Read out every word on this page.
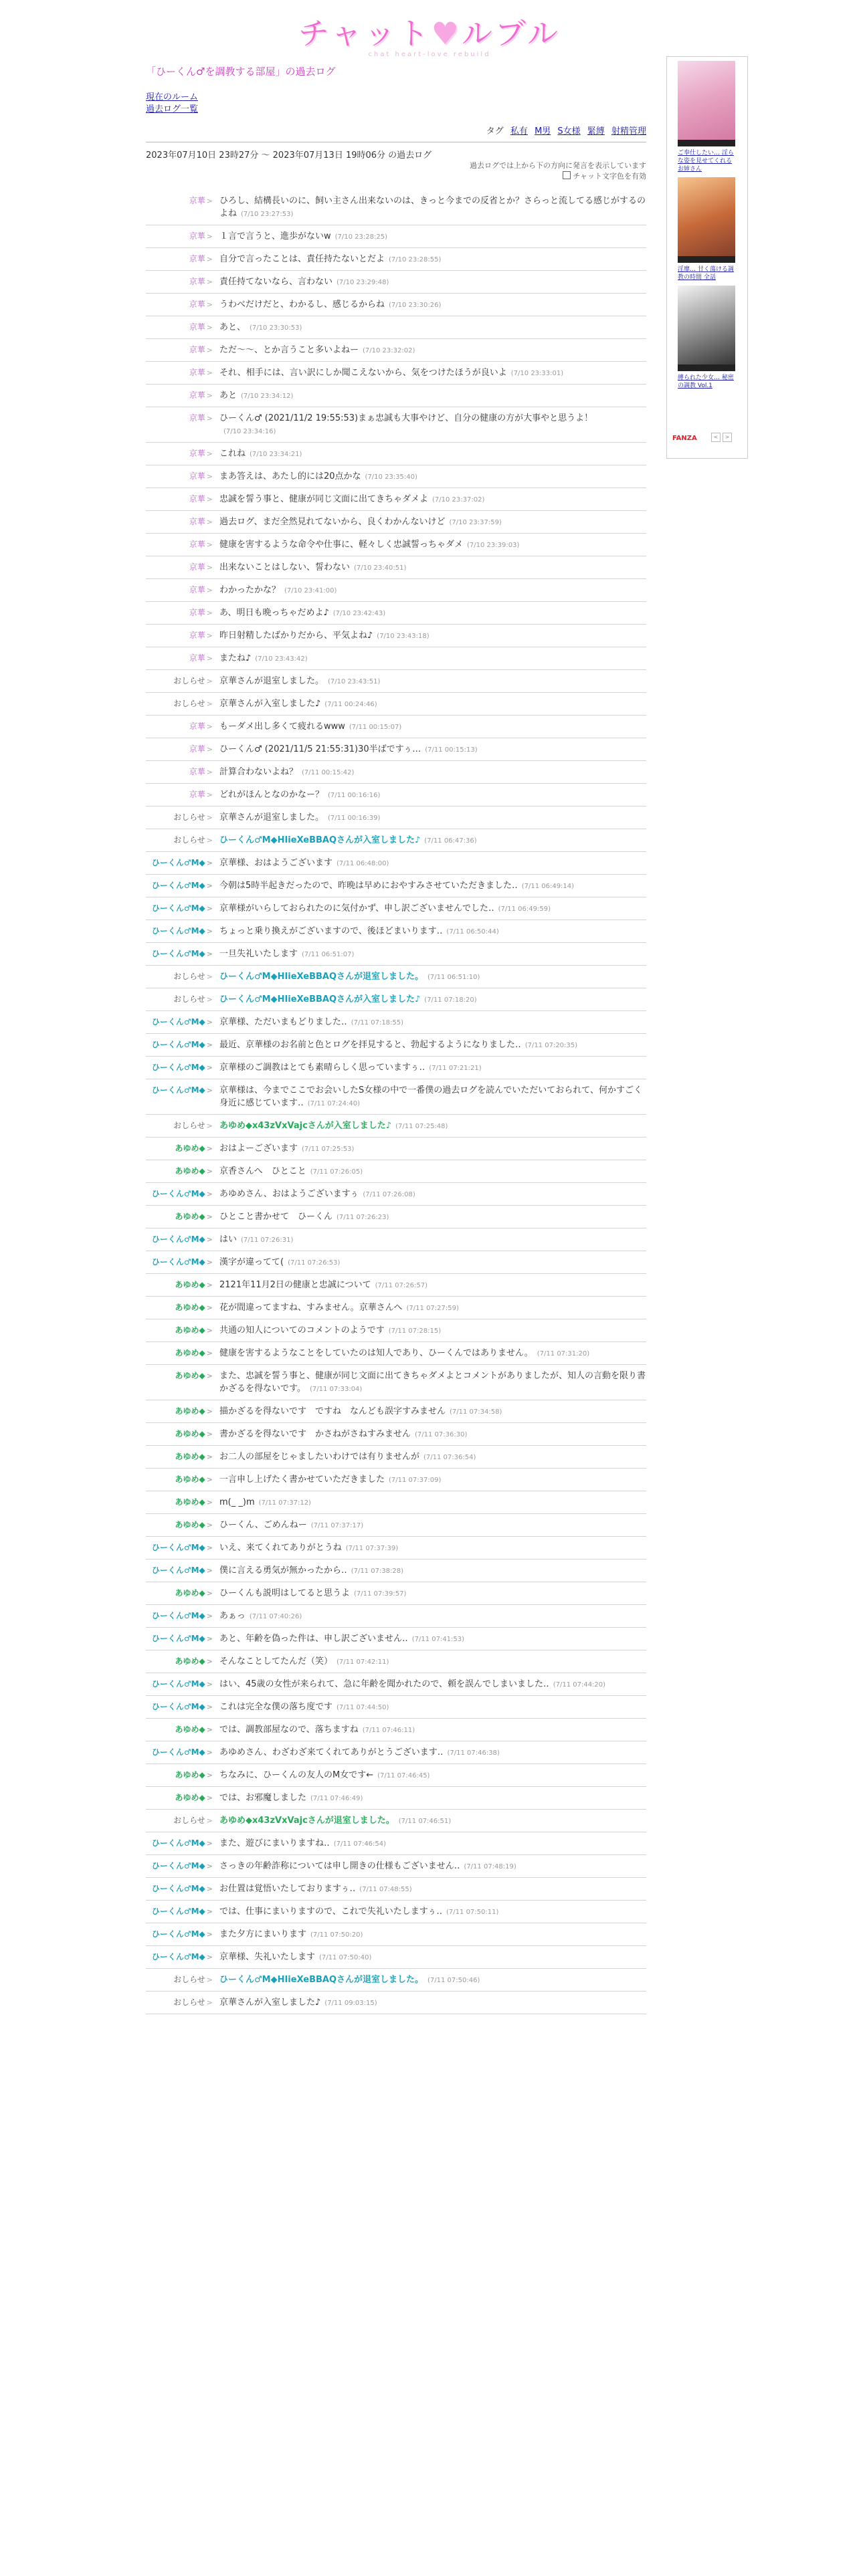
チャット♥ルブル
chat heart-love rebuild
「ひーくん♂を調教する部屋」の過去ログ
現在のルーム
過去ログ一覧
タグ 私有 M男 S女様 緊縛 射精管理
2023年07月10日 23時27分 〜 2023年07月13日 19時06分 の過去ログ
過去ログでは上から下の方向に発言を表示しています
チャット文字色を有効
京華 > ひろし、結構長いのに、飼い主さん出来ないのは、きっと今までの反省とか？さらっと流してる感じがするのよね (7/10 23:27:53)
京華 > １言で言うと、進歩がないw (7/10 23:28:25)
京華 > 自分で言ったことは、責任持たないとだよ (7/10 23:28:55)
京華 > 責任持てないなら、言わない (7/10 23:29:48)
京華 > うわべだけだと、わかるし、感じるからね (7/10 23:30:26)
京華 > あと、 (7/10 23:30:53)
京華 > ただ〜〜、とか言うこと多いよねー (7/10 23:32:02)
京華 > それ、相手には、言い訳にしか聞こえないから、気をつけたほうが良いよ (7/10 23:33:01)
京華 > あと (7/10 23:34:12)
京華 > ひーくん♂ (2021/11/2 19:55:53)まぁ忠誠も大事やけど、自分の健康の方が大事やと思うよ！(7/10 23:34:16)
京華 > これね (7/10 23:34:21)
京華 > まあ答えは、あたし的には20点かな (7/10 23:35:40)
京華 > 忠誠を誓う事と、健康が同じ文面に出てきちゃダメよ (7/10 23:37:02)
京華 > 過去ログ、まだ全然見れてないから、良くわかんないけど (7/10 23:37:59)
京華 > 健康を害するような命令や仕事に、軽々しく忠誠誓っちゃダメ (7/10 23:39:03)
京華 > 出来ないことはしない、誓わない (7/10 23:40:51)
京華 > わかったかな？ (7/10 23:41:00)
京華 > あ、明日も晩っちゃだめよ♪ (7/10 23:42:43)
京華 > 昨日射精したばかりだから、平気よね♪ (7/10 23:43:18)
京華 > またね♪ (7/10 23:43:42)
おしらせ > 京華さんが退室しました。 (7/10 23:43:51)
おしらせ > 京華さんが入室しました♪ (7/11 00:24:46)
京華 > もーダメ出し多くて疲れるwww (7/11 00:15:07)
京華 > ひーくん♂ (2021/11/5 21:55:31)30半ばですぅ… (7/11 00:15:13)
京華 > 計算合わないよね？ (7/11 00:15:42)
京華 > どれがほんとなのかなー？ (7/11 00:16:16)
おしらせ > 京華さんが退室しました。 (7/11 00:16:39)
おしらせ > ひーくん♂M◆HIieXeBBAQさんが入室しました♪ (7/11 06:47:36)
ひーくん♂M◆ > 京華様、おはようございます (7/11 06:48:00)
ひーくん♂M◆ > 今朝は5時半起きだったので、昨晩は早めにおやすみさせていただきました‥ (7/11 06:49:14)
ひーくん♂M◆ > 京華様がいらしておられたのに気付かず、申し訳ございませんでした‥ (7/11 06:49:59)
ひーくん♂M◆ > ちょっと乗り換えがございますので、後ほどまいります‥ (7/11 06:50:44)
ひーくん♂M◆ > 一旦失礼いたします (7/11 06:51:07)
おしらせ > ひーくん♂M◆HIieXeBBAQさんが退室しました。 (7/11 06:51:10)
おしらせ > ひーくん♂M◆HIieXeBBAQさんが入室しました♪ (7/11 07:18:20)
ひーくん♂M◆ > 京華様、ただいまもどりました‥ (7/11 07:18:55)
ひーくん♂M◆ > 最近、京華様のお名前と色とログを拝見すると、勃起するようになりました‥ (7/11 07:20:35)
ひーくん♂M◆ > 京華様のご調教はとても素晴らしく思っていますぅ‥ (7/11 07:21:21)
ひーくん♂M◆ > 京華様は、今までここでお会いしたS女様の中で一番僕の過去ログを読んでいただいておられて、何かすごく身近に感じています‥ (7/11 07:24:40)
おしらせ > あゆめ◆x43zVxVajcさんが入室しました♪ (7/11 07:25:48)
あゆめ◆ > おはよーございます (7/11 07:25:53)
あゆめ◆ > 京香さんへ　ひとこと (7/11 07:26:05)
ひーくん♂M◆ > あゆめさん、おはようございますぅ (7/11 07:26:08)
あゆめ◆ > ひとこと書かせて　ひーくん (7/11 07:26:23)
ひーくん♂M◆ > はい (7/11 07:26:31)
ひーくん♂M◆ > 漢字が違ってて( (7/11 07:26:53)
あゆめ◆ > 2121年11月2日の健康と忠誠について (7/11 07:26:57)
あゆめ◆ > 花が間違ってますね、すみません。京華さんへ (7/11 07:27:59)
あゆめ◆ > 共通の知人についてのコメントのようです (7/11 07:28:15)
あゆめ◆ > 健康を害するようなことをしていたのは知人であり、ひーくんではありません。 (7/11 07:31:20)
あゆめ◆ > また、忠誠を誓う事と、健康が同じ文面に出てきちゃダメよとコメントがありましたが、知人の言動を限り書かざるを得ないです。 (7/11 07:33:04)
あゆめ◆ > 描かざるを得ないです　ですね　なんども誤字すみません (7/11 07:34:58)
あゆめ◆ > 書かざるを得ないです　かさねがさねすみません (7/11 07:36:30)
あゆめ◆ > お二人の部屋をじゃましたいわけでは有りませんが (7/11 07:36:54)
あゆめ◆ > 一言申し上げたく書かせていただきました (7/11 07:37:09)
あゆめ◆ > m(_ _)m (7/11 07:37:12)
あゆめ◆ > ひーくん、ごめんねー (7/11 07:37:17)
ひーくん♂M◆ > いえ、来てくれてありがとうね (7/11 07:37:39)
ひーくん♂M◆ > 僕に言える勇気が無かったから‥ (7/11 07:38:28)
あゆめ◆ > ひーくんも説明はしてると思うよ (7/11 07:39:57)
ひーくん♂M◆ > あぁっ (7/11 07:40:26)
ひーくん♂M◆ > あと、年齢を偽った件は、申し訳ございません‥ (7/11 07:41:53)
あゆめ◆ > そんなことしてたんだ（笑） (7/11 07:42:11)
ひーくん♂M◆ > はい、45歳の女性が来られて、急に年齢を聞かれたので、頼を誤んでしまいました‥ (7/11 07:44:20)
ひーくん♂M◆ > これは完全な僕の落ち度です (7/11 07:44:50)
あゆめ◆ > では、調教部屋なので、落ちますね (7/11 07:46:11)
ひーくん♂M◆ > あゆめさん、わざわざ来てくれてありがとうございます‥ (7/11 07:46:38)
あゆめ◆ > ちなみに、ひーくんの友人のM女です← (7/11 07:46:45)
あゆめ◆ > では、お邪魔しました (7/11 07:46:49)
おしらせ > あゆめ◆x43zVxVajcさんが退室しました。 (7/11 07:46:51)
ひーくん♂M◆ > また、遊びにまいりますね‥ (7/11 07:46:54)
ひーくん♂M◆ > さっきの年齢詐称については申し開きの仕様もございません‥ (7/11 07:48:19)
ひーくん♂M◆ > お仕置は覚悟いたしておりますぅ‥ (7/11 07:48:55)
ひーくん♂M◆ > では、仕事にまいりますので、これで失礼いたしますぅ‥ (7/11 07:50:11)
ひーくん♂M◆ > また夕方にまいります (7/11 07:50:20)
ひーくん♂M◆ > 京華様、失礼いたします (7/11 07:50:40)
おしらせ > ひーくん♂M◆HIieXeBBAQさんが退室しました。 (7/11 07:50:46)
おしらせ > 京華さんが入室しました♪ (7/11 09:03:15)
ご奉仕したい… 淫らな姿を見せてくれるお姉さん
淫靡… 甘く蕩ける調教の時間 全話
縛られた少女… 秘密の調教 Vol.1
FANZA	<	>
